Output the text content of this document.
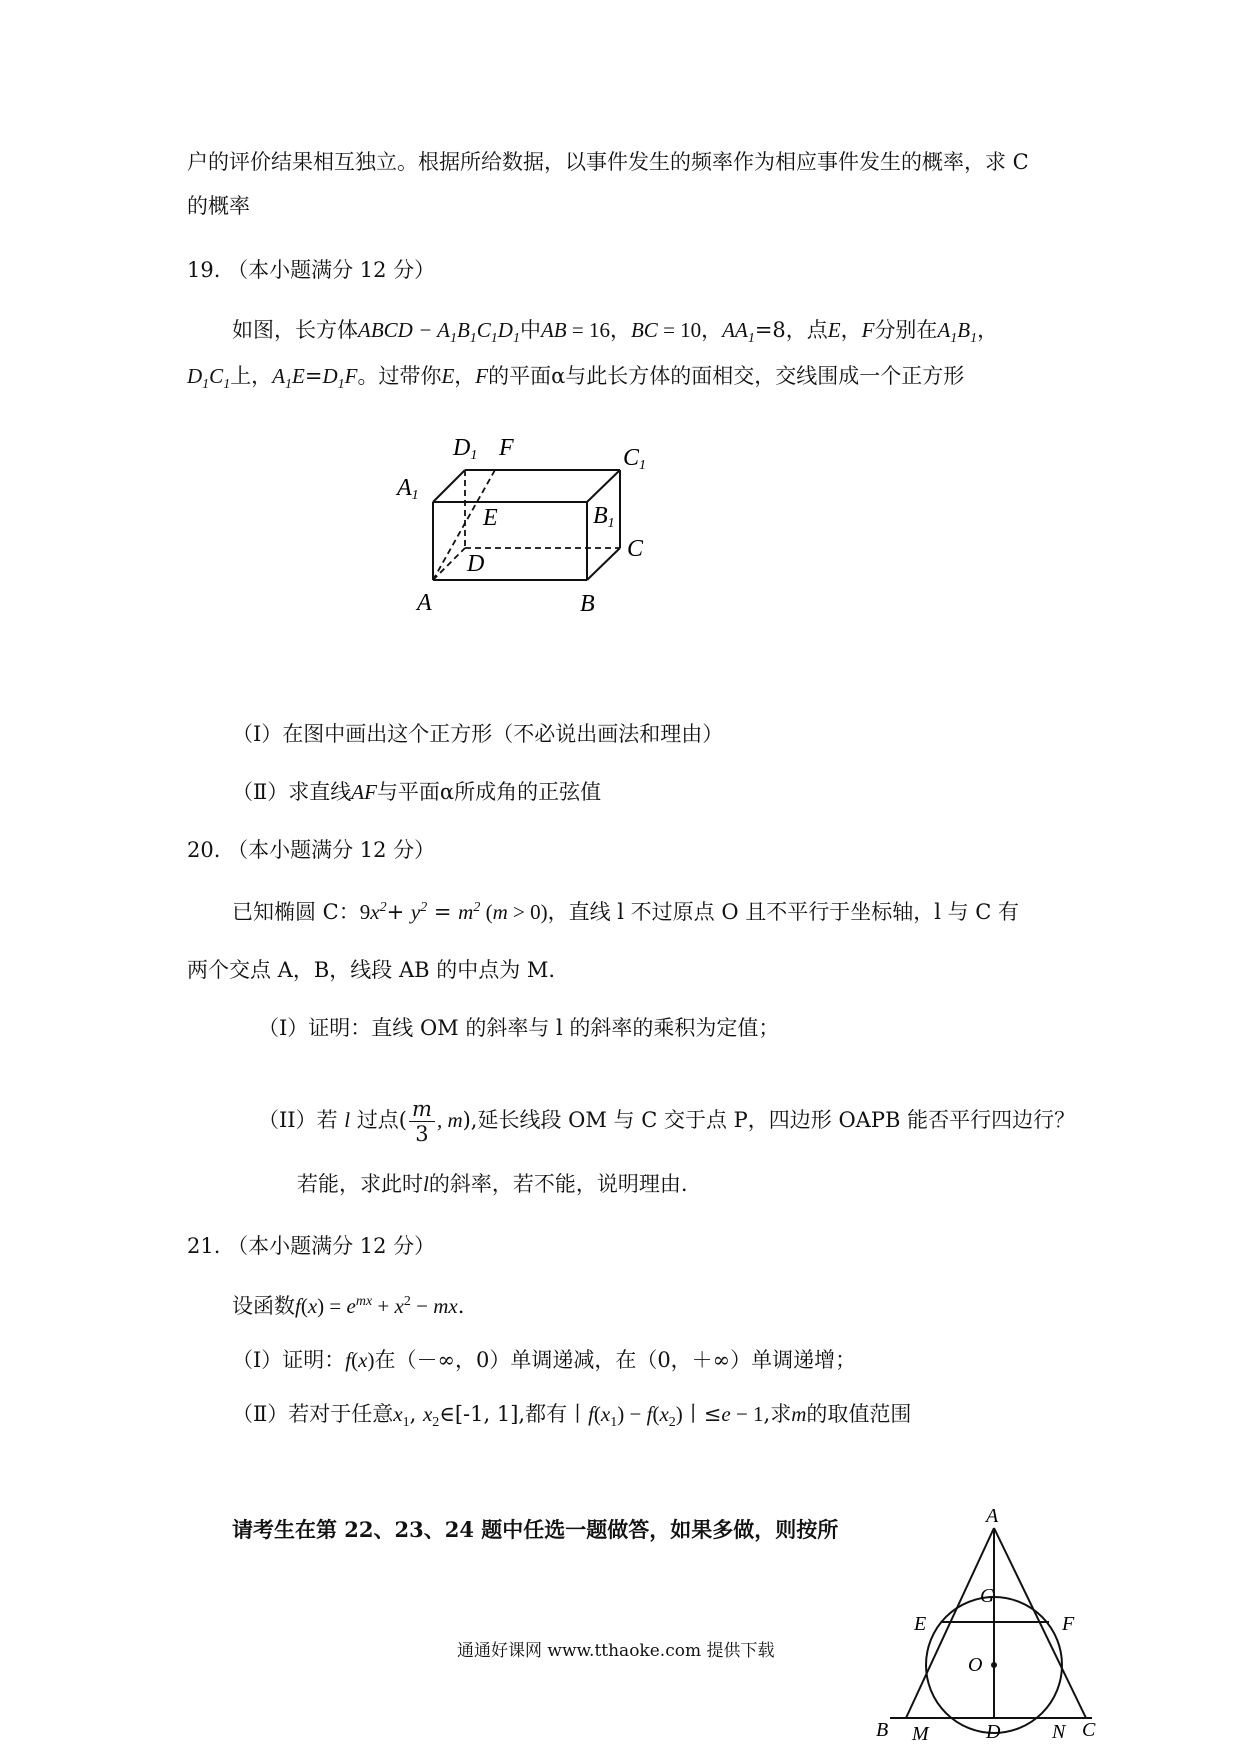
户的评价结果相互独立。根据所给数据，以事件发生的频率作为相应事件发生的概率，求 C
的概率
19. （本小题满分 12 分）
如图，长方体ABCD − $A_1B_1C_1D_1$中AB = 16，BC = 10，$AA_1=8$，点E，F分别在$A_1B_1$，
$D_1C_1$上，$A_1E=D_1F$。过带你E，F的平面α与此长方体的面相交，交线围成一个正方形
D1 F	C1
A1
E	B1
D
C
A	B
（Ⅰ）在图中画出这个正方形（不必说出画法和理由）
（Ⅱ）求直线AF与平面α所成角的正弦值
20. （本小题满分 12 分）
已知椭圆 C：$9x^2+ y^2 = m^2$ (m > 0)，直线 l 不过原点 O 且不平行于坐标轴，l 与 C 有
两个交点 A，B，线段 AB 的中点为 M.
（I）证明：直线 OM 的斜率与 l 的斜率的乘积为定值；
（II）若 l 过点( $\frac{m}{3}$ , m),延长线段 OM 与 C 交于点 P，四边形 OAPB 能否平行四边行？
若能，求此时l的斜率，若不能，说明理由.
21. （本小题满分 12 分）
设函数$f(x) = e^{mx} + x^2$ − mx.
（Ⅰ）证明：f(x)在（－∞，0）单调递减，在（0，＋∞）单调递增；
（Ⅱ）若对于任意$x_1$, $x_2\in[-1$, 1],都有丨$f(x_1) - f(x_2)$丨≤e − 1,求m的取值范围
请考生在第 22、23、24 题中任选一题做答，如果多做，则按所
A
G
E	F
O
B M	D	N C
通通好课网 www.tthaoke.com 提供下载
